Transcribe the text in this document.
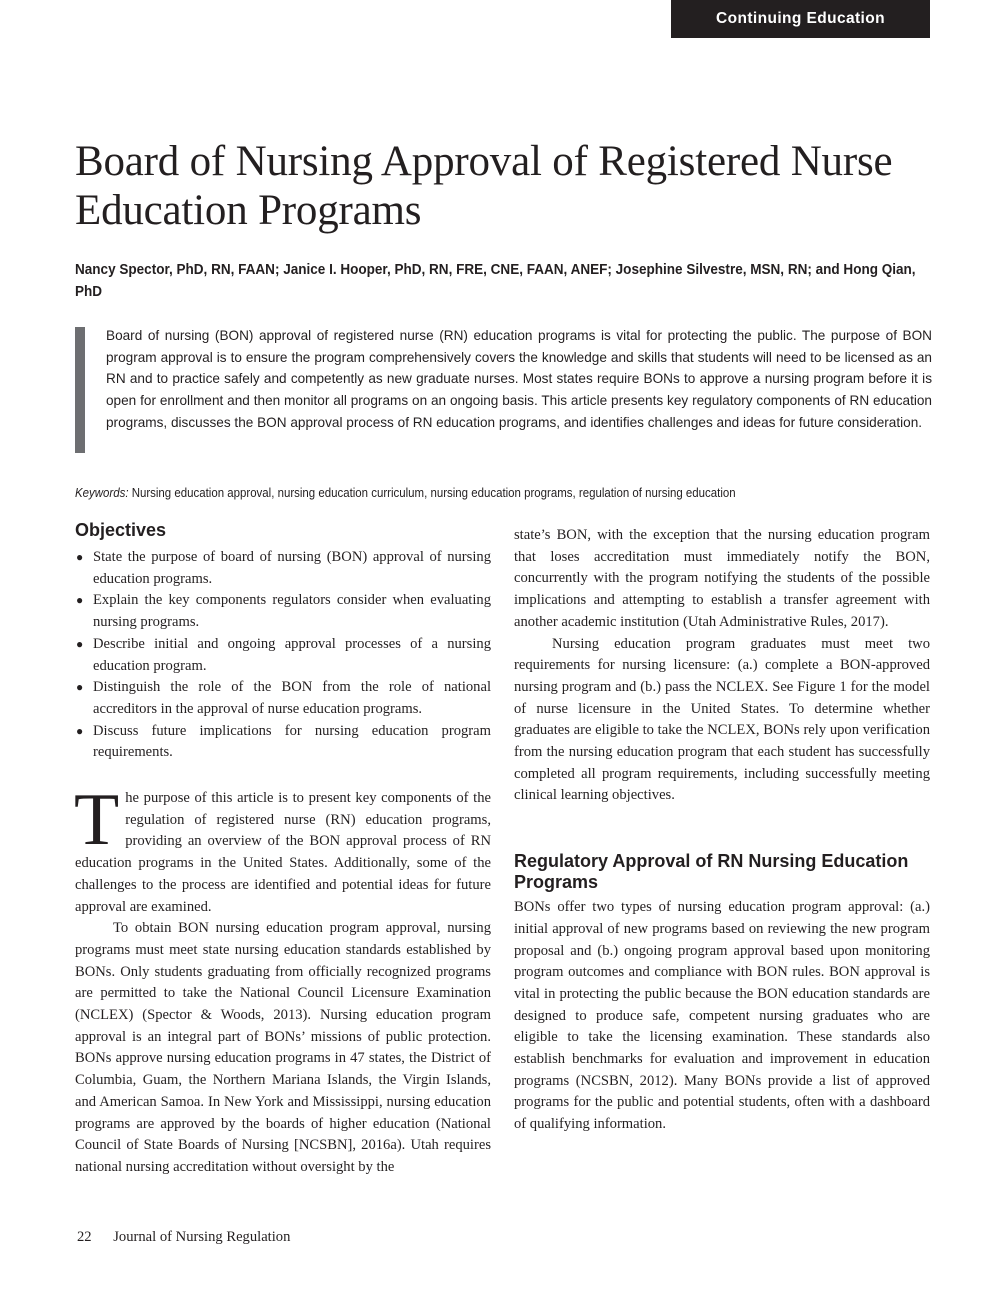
Continuing Education
Board of Nursing Approval of Registered Nurse Education Programs

Nancy Spector, PhD, RN, FAAN; Janice I. Hooper, PhD, RN, FRE, CNE, FAAN, ANEF; Josephine Silvestre, MSN, RN; and Hong Qian, PhD

Board of nursing (BON) approval of registered nurse (RN) education programs is vital for protecting the public. The purpose of BON program approval is to ensure the program comprehensively covers the knowledge and skills that students will need to be licensed as an RN and to practice safely and competently as new graduate nurses. Most states require BONs to approve a nursing program before it is open for enrollment and then monitor all programs on an ongoing basis. This article presents key regulatory components of RN education programs, discusses the BON approval process of RN education programs, and identifies challenges and ideas for future consideration.

Keywords: Nursing education approval, nursing education curriculum, nursing education programs, regulation of nursing education

Objectives
● State the purpose of board of nursing (BON) approval of nursing education programs.
● Explain the key components regulators consider when evaluating nursing programs.
● Describe initial and ongoing approval processes of a nursing education program.
● Distinguish the role of the BON from the role of national accreditors in the approval of nurse education programs.
● Discuss future implications for nursing education program requirements.

The purpose of this article is to present key components of the regulation of registered nurse (RN) education programs, providing an overview of the BON approval process of RN education programs in the United States. Additionally, some of the challenges to the process are identified and potential ideas for future approval are examined.

To obtain BON nursing education program approval, nursing programs must meet state nursing education standards established by BONs. Only students graduating from officially recognized programs are permitted to take the National Council Licensure Examination (NCLEX) (Spector & Woods, 2013). Nursing education program approval is an integral part of BONs’ missions of public protection. BONs approve nursing education programs in 47 states, the District of Columbia, Guam, the Northern Mariana Islands, the Virgin Islands, and American Samoa. In New York and Mississippi, nursing education programs are approved by the boards of higher education (National Council of State Boards of Nursing [NCSBN], 2016a). Utah requires national nursing accreditation without oversight by the

state’s BON, with the exception that the nursing education program that loses accreditation must immediately notify the BON, concurrently with the program notifying the students of the possible implications and attempting to establish a transfer agreement with another academic institution (Utah Administrative Rules, 2017).

Nursing education program graduates must meet two requirements for nursing licensure: (a.) complete a BON-approved nursing program and (b.) pass the NCLEX. See Figure 1 for the model of nurse licensure in the United States. To determine whether graduates are eligible to take the NCLEX, BONs rely upon verification from the nursing education program that each student has successfully completed all program requirements, including successfully meeting clinical learning objectives.

Regulatory Approval of RN Nursing Education Programs

BONs offer two types of nursing education program approval: (a.) initial approval of new programs based on reviewing the new program proposal and (b.) ongoing program approval based upon monitoring program outcomes and compliance with BON rules. BON approval is vital in protecting the public because the BON education standards are designed to produce safe, competent nursing graduates who are eligible to take the licensing examination. These standards also establish benchmarks for evaluation and improvement in education programs (NCSBN, 2012). Many BONs provide a list of approved programs for the public and potential students, often with a dashboard of qualifying information.

22 Journal of Nursing Regulation
